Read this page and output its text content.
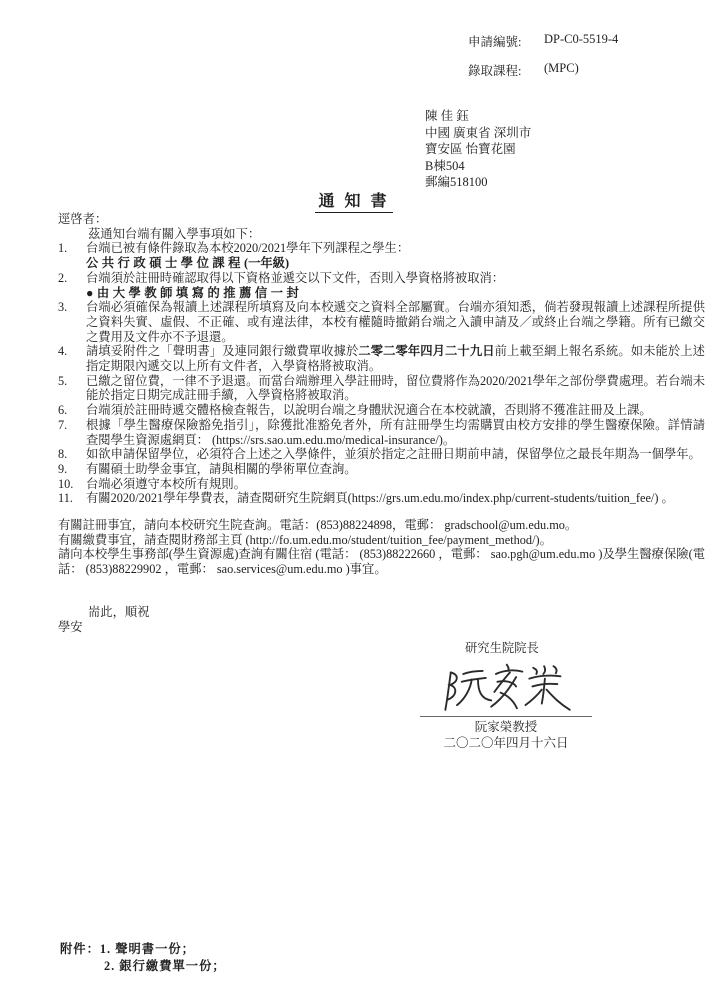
申請編號:	DP-C0-5519-4
錄取課程:	(MPC)
陳 佳 鈺
中國 廣東省 深圳市
寶安區 怡寶花園
B棟504
郵編518100
通 知 書
逕啓者：
茲通知台端有關入學事項如下：
1.	台端已被有條件錄取為本校2020/2021學年下列課程之學生：
公共行政碩士學位課程(一年級)
2.	台端須於註冊時確認取得以下資格並遞交以下文件，否則入學資格將被取消：
●由大學教師填寫的推薦信一封
3.	台端必須確保為報讀上述課程所填寫及向本校遞交之資料全部屬實。台端亦須知悉，倘若發現報讀上述課程所提供之資料失實、虛假、不正確、或有違法律，本校有權隨時撤銷台端之入讀申請及／或終止台端之學籍。所有已繳交之費用及文件亦不予退還。
4.	請填妥附件之「聲明書」及連同銀行繳費單收據於二零二零年四月二十九日前上載至網上報名系統。如未能於上述指定期限內遞交以上所有文件者，入學資格將被取消。
5.	已繳之留位費，一律不予退還。而當台端辦理入學註冊時，留位費將作為2020/2021學年之部份學費處理。若台端未能於指定日期完成註冊手續，入學資格將被取消。
6.	台端須於註冊時遞交體格檢查報告，以說明台端之身體狀況適合在本校就讀，否則將不獲准註冊及上課。
7.	根據「學生醫療保險豁免指引」，除獲批准豁免者外，所有註冊學生均需購買由校方安排的學生醫療保險。詳情請查閱學生資源處網頁： (https://srs.sao.um.edu.mo/medical-insurance/)。
8.	如欲申請保留學位，必須符合上述之入學條件，並須於指定之註冊日期前申請，保留學位之最長年期為一個學年。
9.	有關碩士助學金事宜，請與相關的學術單位查詢。
10.	台端必須遵守本校所有規則。
11.	有關2020/2021學年學費表，請查閱研究生院網頁(https://grs.um.edu.mo/index.php/current-students/tuition_fee/) 。
有關註冊事宜，請向本校研究生院查詢。電話：(853)88224898，電郵： gradschool@um.edu.mo。
有關繳費事宜，請查閱財務部主頁 (http://fo.um.edu.mo/student/tuition_fee/payment_method/)。
請向本校學生事務部(學生資源處)查詢有關住宿 (電話： (853)88222660 ，電郵： sao.pgh@um.edu.mo )及學生醫療保險(電話： (853)88229902 ，電郵： sao.services@um.edu.mo )事宜。
耑此，順祝
學安
研究生院院長
阮家榮教授
二〇二〇年四月十六日
附件：1. 聲明書一份；
2. 銀行繳費單一份；
